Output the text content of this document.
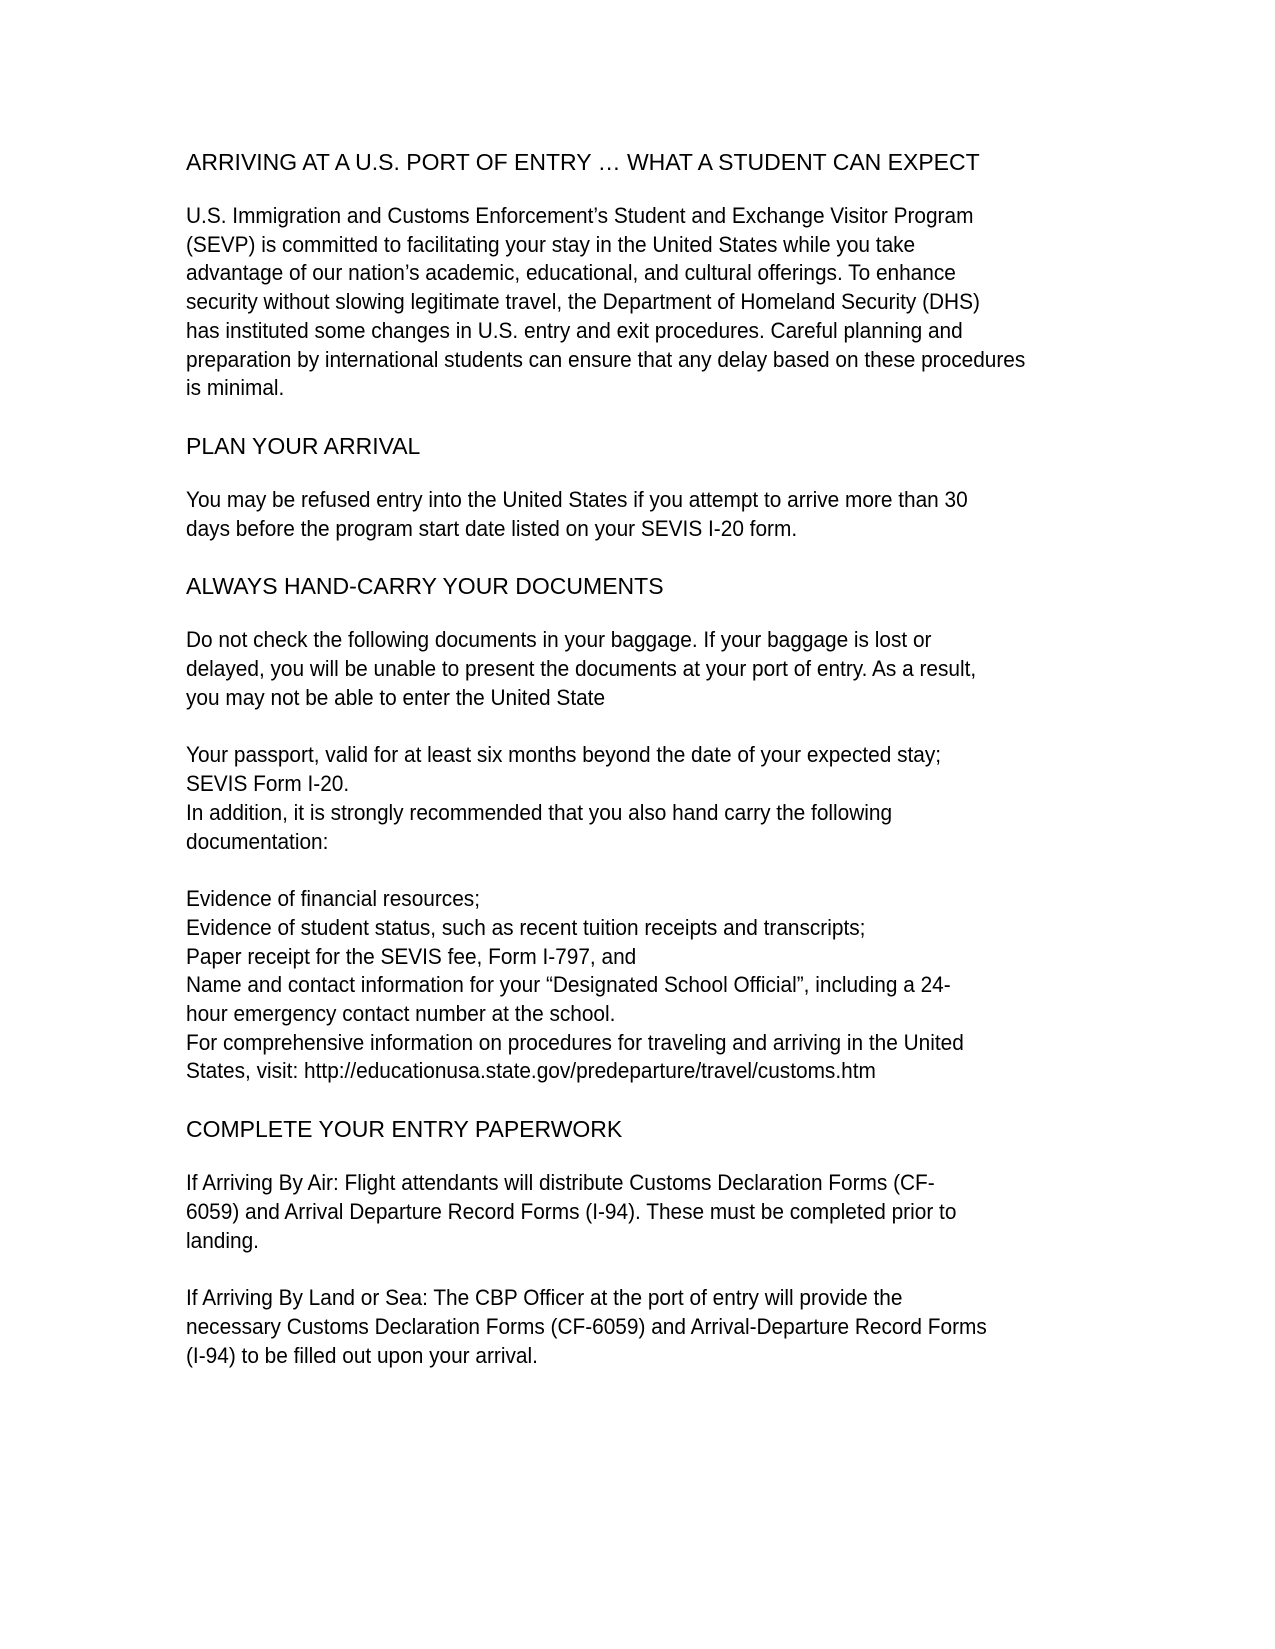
ARRIVING AT A U.S. PORT OF ENTRY … WHAT A STUDENT CAN EXPECT

U.S. Immigration and Customs Enforcement’s Student and Exchange Visitor Program
(SEVP) is committed to facilitating your stay in the United States while you take
advantage of our nation’s academic, educational, and cultural offerings. To enhance
security without slowing legitimate travel, the Department of Homeland Security (DHS)
has instituted some changes in U.S. entry and exit procedures. Careful planning and
preparation by international students can ensure that any delay based on these procedures
is minimal.

PLAN YOUR ARRIVAL

You may be refused entry into the United States if you attempt to arrive more than 30
days before the program start date listed on your SEVIS I-20 form.

ALWAYS HAND-CARRY YOUR DOCUMENTS

Do not check the following documents in your baggage. If your baggage is lost or
delayed, you will be unable to present the documents at your port of entry. As a result,
you may not be able to enter the United State

Your passport, valid for at least six months beyond the date of your expected stay;
SEVIS Form I-20.
In addition, it is strongly recommended that you also hand carry the following
documentation:

Evidence of financial resources;
Evidence of student status, such as recent tuition receipts and transcripts;
Paper receipt for the SEVIS fee, Form I-797, and
Name and contact information for your “Designated School Official”, including a 24-
hour emergency contact number at the school.
For comprehensive information on procedures for traveling and arriving in the United
States, visit: http://educationusa.state.gov/predeparture/travel/customs.htm

COMPLETE YOUR ENTRY PAPERWORK

If Arriving By Air: Flight attendants will distribute Customs Declaration Forms (CF-
6059) and Arrival Departure Record Forms (I-94). These must be completed prior to
landing.

If Arriving By Land or Sea: The CBP Officer at the port of entry will provide the
necessary Customs Declaration Forms (CF-6059) and Arrival-Departure Record Forms
(I-94) to be filled out upon your arrival.
